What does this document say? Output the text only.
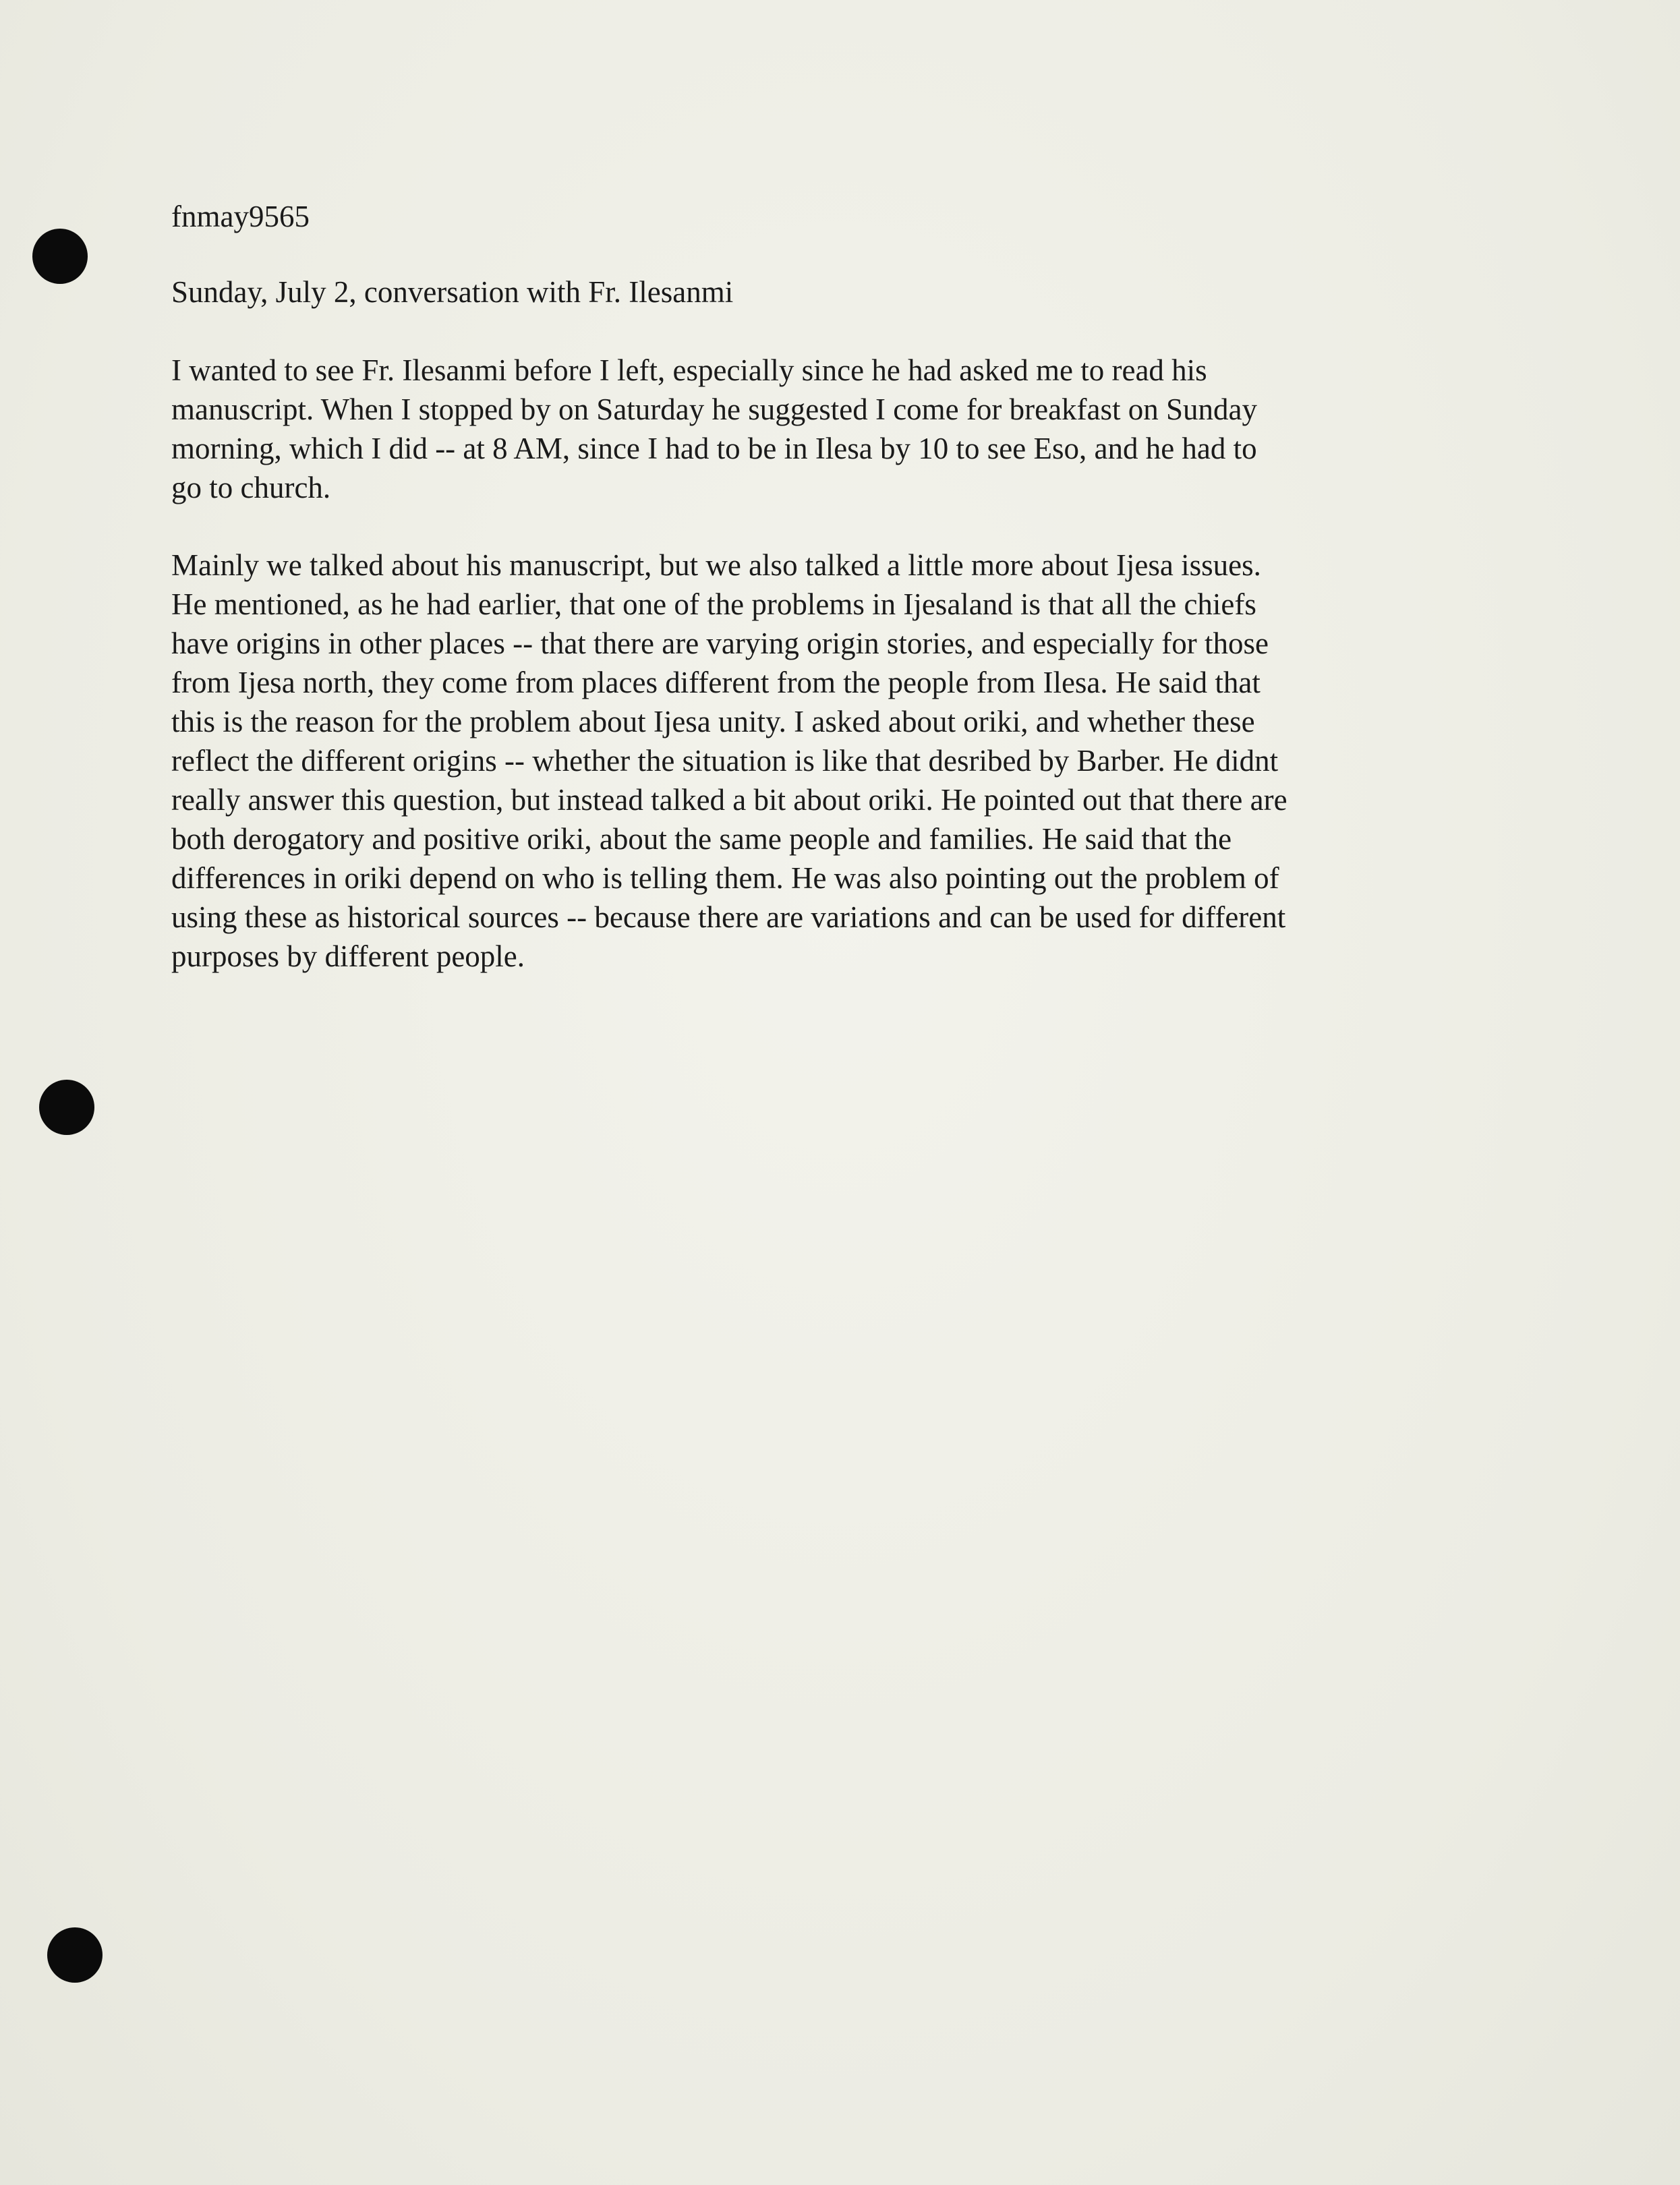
fnmay9565

Sunday, July 2, conversation with Fr. Ilesanmi

I wanted to see Fr. Ilesanmi before I left, especially since he had asked me to read his

manuscript. When I stopped by on Saturday he suggested I come for breakfast on Sunday

morning, which I did -- at 8 AM, since I had to be in Ilesa by 10 to see Eso, and he had to

go to church.

Mainly we talked about his manuscript, but we also talked a little more about Ijesa issues.

He mentioned, as he had earlier, that one of the problems in Ijesaland is that all the chiefs

have origins in other places -- that there are varying origin stories, and especially for those

from Ijesa north, they come from places different from the people from Ilesa. He said that

this is the reason for the problem about Ijesa unity. I asked about oriki, and whether these

reflect the different origins -- whether the situation is like that desribed by Barber. He didnt

really answer this question, but instead talked a bit about oriki. He pointed out that there are

both derogatory and positive oriki, about the same people and families. He said that the

differences in oriki depend on who is telling them. He was also pointing out the problem of

using these as historical sources -- because there are variations and can be used for different

purposes by different people.
